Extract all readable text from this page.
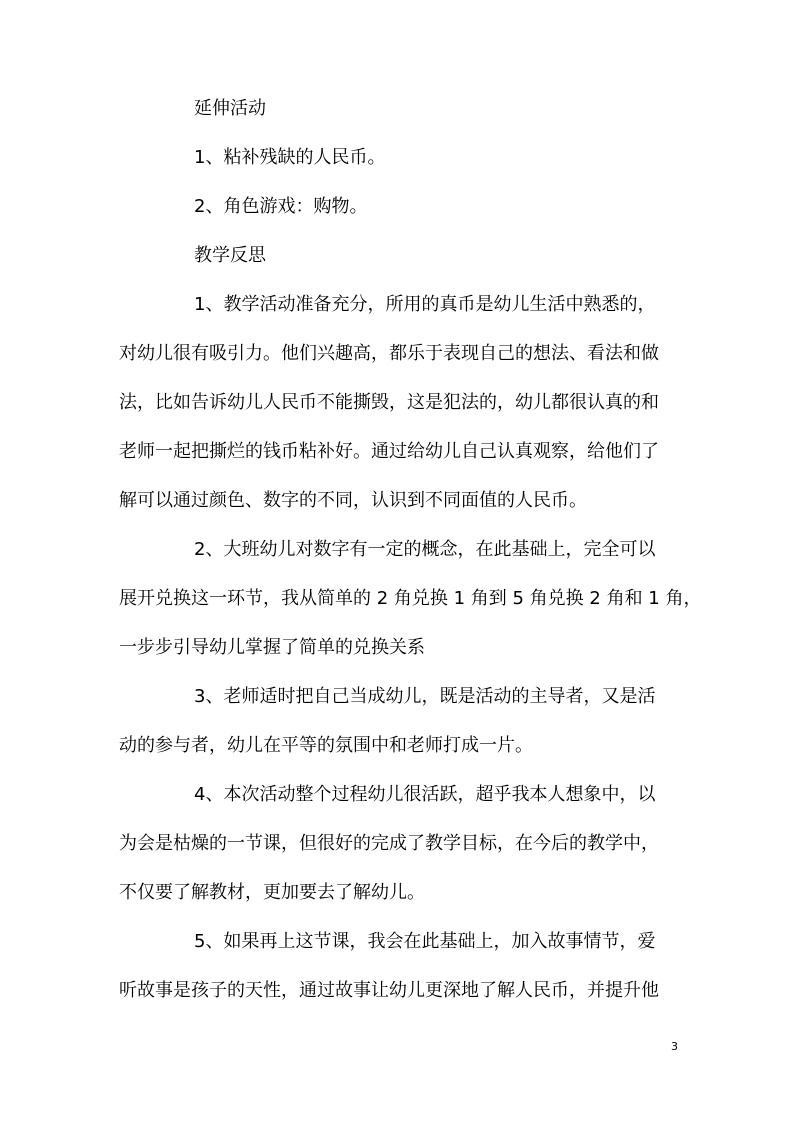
延伸活动
1、粘补残缺的人民币。
2、角色游戏：购物。
教学反思
1、教学活动准备充分，所用的真币是幼儿生活中熟悉的，
对幼儿很有吸引力。他们兴趣高，都乐于表现自己的想法、看法和做
法，比如告诉幼儿人民币不能撕毁，这是犯法的，幼儿都很认真的和
老师一起把撕烂的钱币粘补好。通过给幼儿自己认真观察，给他们了
解可以通过颜色、数字的不同，认识到不同面值的人民币。
2、大班幼儿对数字有一定的概念，在此基础上，完全可以
展开兑换这一环节，我从简单的 2 角兑换 1 角到 5 角兑换 2 角和 1 角，
一步步引导幼儿掌握了简单的兑换关系
3、老师适时把自己当成幼儿，既是活动的主导者，又是活
动的参与者，幼儿在平等的氛围中和老师打成一片。
4、本次活动整个过程幼儿很活跃，超乎我本人想象中，以
为会是枯燥的一节课，但很好的完成了教学目标，在今后的教学中，
不仅要了解教材，更加要去了解幼儿。
5、如果再上这节课，我会在此基础上，加入故事情节，爱
听故事是孩子的天性，通过故事让幼儿更深地了解人民币，并提升他
3
